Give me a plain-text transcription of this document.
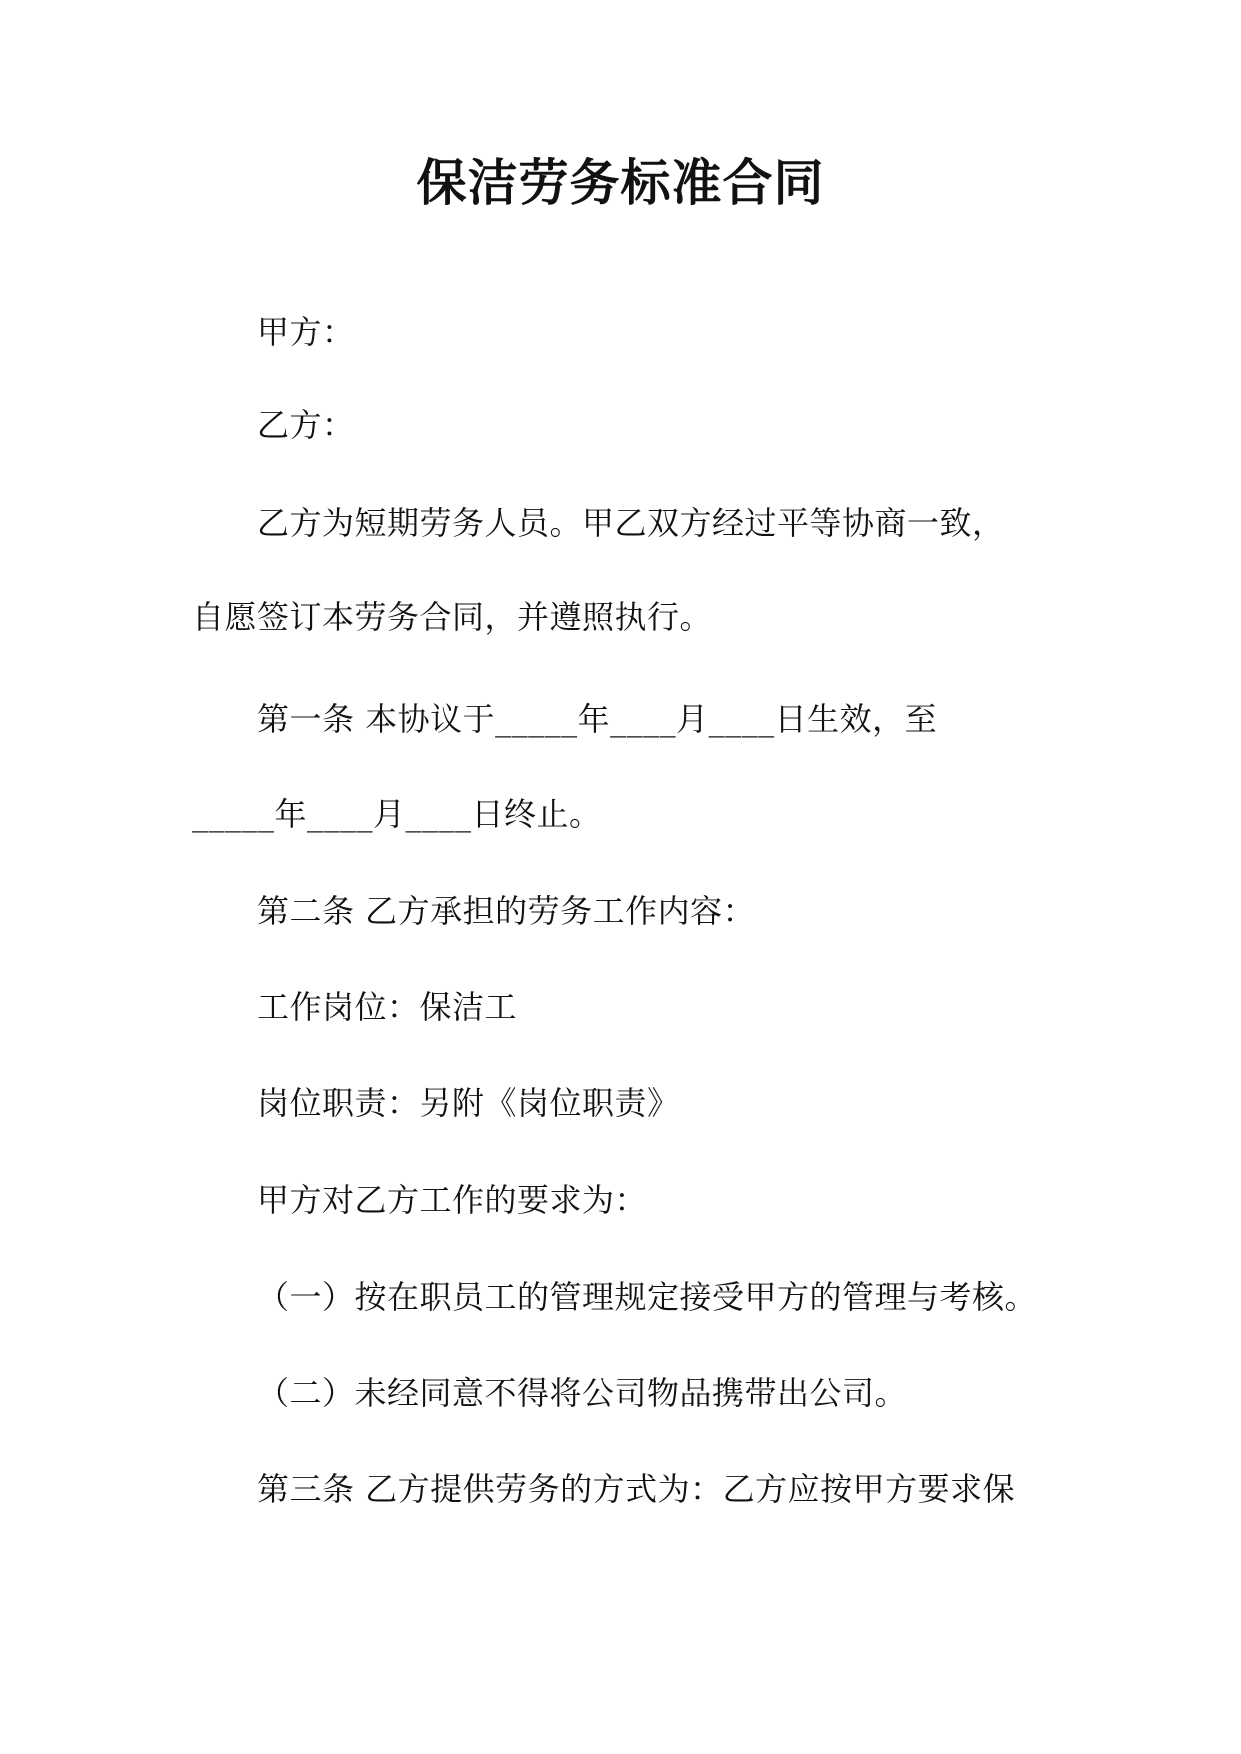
保洁劳务标准合同
甲方：
乙方：
乙方为短期劳务人员。甲乙双方经过平等协商一致，
自愿签订本劳务合同，并遵照执行。
第一条 本协议于_____年____月____日生效，至
_____年____月____日终止。
第二条 乙方承担的劳务工作内容：
工作岗位：保洁工
岗位职责：另附《岗位职责》
甲方对乙方工作的要求为：
（一）按在职员工的管理规定接受甲方的管理与考核。
（二）未经同意不得将公司物品携带出公司。
第三条 乙方提供劳务的方式为：乙方应按甲方要求保
